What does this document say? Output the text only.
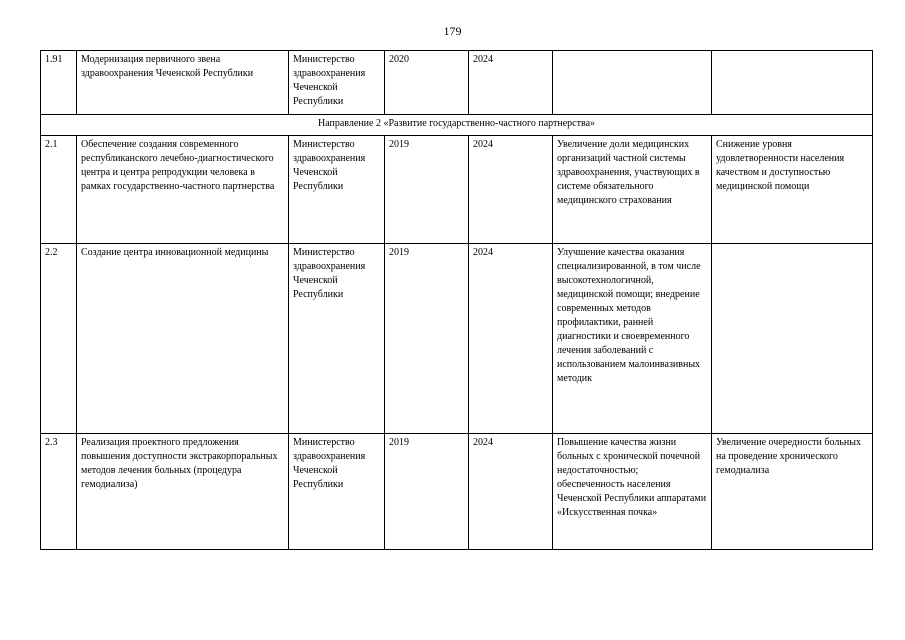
179
1.91	Модернизация первичного звена здравоохранения Чеченской Республики	Министерство здравоохранения Чеченской Республики	2020	2024		
Направление 2 «Развитие государственно-частного партнерства»						
2.1	Обеспечение создания современного республиканского лечебно-диагностического центра и центра репродукции человека в рамках государственно-частного партнерства	Министерство здравоохранения Чеченской Республики	2019	2024	Увеличение доли медицинских организаций частной системы здравоохранения, участвующих в системе обязательного медицинского страхования	Снижение уровня удовлетворенности населения качеством и доступностью медицинской помощи
2.2	Создание центра инновационной медицины	Министерство здравоохранения Чеченской Республики	2019	2024	Улучшение качества оказания специализированной, в том числе высокотехнологичной, медицинской помощи; внедрение современных методов профилактики, ранней диагностики и своевременного лечения заболеваний с использованием малоинвазивных методик	
2.3	Реализация проектного предложения повышения доступности экстракорпоральных методов лечения больных (процедура гемодиализа)	Министерство здравоохранения Чеченской Республики	2019	2024	Повышение качества жизни больных с хронической почечной недостаточностью; обеспеченность населения Чеченской Республики аппаратами «Искусственная почка»	Увеличение очередности больных на проведение хронического гемодиализа
